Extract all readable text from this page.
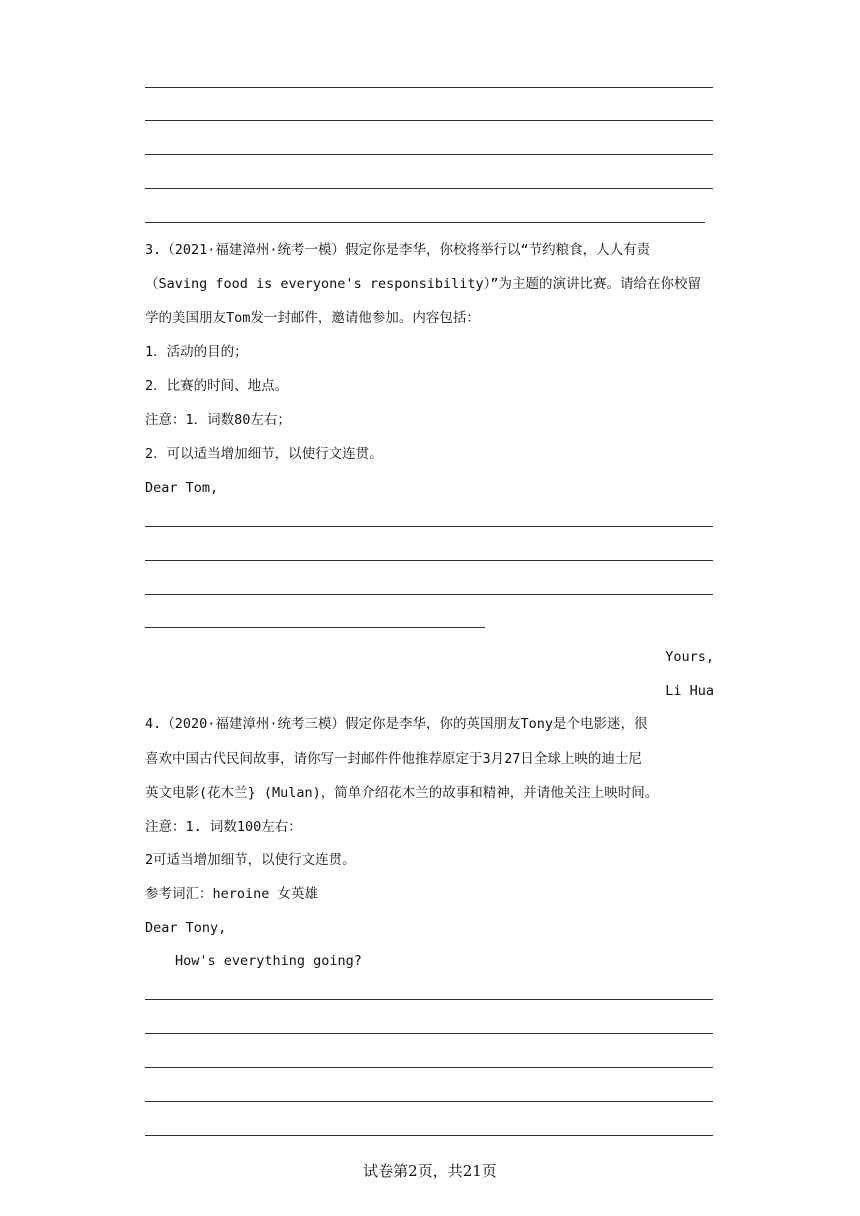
3.（2021·福建漳州·统考一模）假定你是李华，你校将举行以“节约粮食，人人有责
（Saving food is everyone's responsibility）”为主题的演讲比赛。请给在你校留
学的美国朋友Tom发一封邮件，邀请他参加。内容包括：
1．活动的目的；
2．比赛的时间、地点。
注意：1．词数80左右；
2．可以适当增加细节，以使行文连贯。
Dear Tom,
Yours,
Li Hua
4.（2020·福建漳州·统考三模）假定你是李华，你的英国朋友Tony是个电影迷，很
喜欢中国古代民间故事，请你写一封邮件件他推荐原定于3月27日全球上映的迪士尼
英文电影(花木兰} (Mulan)，简单介绍花木兰的故事和精神，并请他关注上映时间。
注意：1. 词数100左右：
2可适当增加细节，以使行文连贯。
参考词汇：heroine 女英雄
Dear Tony,
How's everything going?
试卷第2页，共21页
